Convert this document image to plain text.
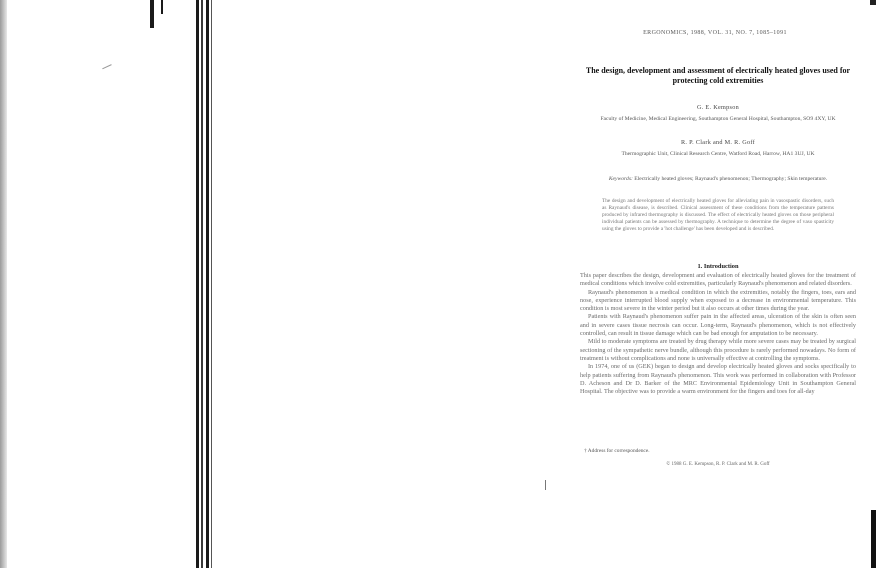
ERGONOMICS, 1988, VOL. 31, NO. 7, 1085–1091
The design, development and assessment of electrically heated gloves used for protecting cold extremities
G. E. Kempson
Faculty of Medicine, Medical Engineering, Southampton General Hospital, Southampton, SO9 4XY, UK
R. P. Clark and M. R. Goff
Thermographic Unit, Clinical Research Centre, Watford Road, Harrow, HA1 3UJ, UK
Keywords: Electrically heated gloves; Raynaud's phenomenon; Thermography; Skin temperature.
The design and development of electrically heated gloves for alleviating pain in vasospastic disorders, such as Raynaud's disease, is described. Clinical assessment of these conditions from the temperature patterns produced by infrared thermography is discussed. The effect of electrically heated gloves on those peripheral individual patients can be assessed by thermography. A technique to determine the degree of vaso spasticity using the gloves to provide a 'hot challenge' has been developed and is described.
1. Introduction

This paper describes the design, development and evaluation of electrically heated gloves for the treatment of medical conditions which involve cold extremities, particularly Raynaud's phenomenon and related disorders.

Raynaud's phenomenon is a medical condition in which the extremities, notably the fingers, toes, ears and nose, experience interrupted blood supply when exposed to a decrease in environmental temperature. This condition is most severe in the winter period but it also occurs at other times during the year.

Patients with Raynaud's phenomenon suffer pain in the affected areas, ulceration of the skin is often seen and in severe cases tissue necrosis can occur. Long-term, Raynaud's phenomenon, which is not effectively controlled, can result in tissue damage which can be bad enough for amputation to be necessary.

Mild to moderate symptoms are treated by drug therapy while more severe cases may be treated by surgical sectioning of the sympathetic nerve bundle, although this procedure is rarely performed nowadays. No form of treatment is without complications and none is universally effective at controlling the symptoms.

In 1974, one of us (GEK) began to design and develop electrically heated gloves and socks specifically to help patients suffering from Raynaud's phenomenon. This work was performed in collaboration with Professor D. Acheson and Dr D. Barker of the MRC Environmental Epidemiology Unit in Southampton General Hospital. The objective was to provide a warm environment for the fingers and toes for all-day

† Address for correspondence.
© 1988 G. E. Kempson, R. P. Clark and M. R. Goff
